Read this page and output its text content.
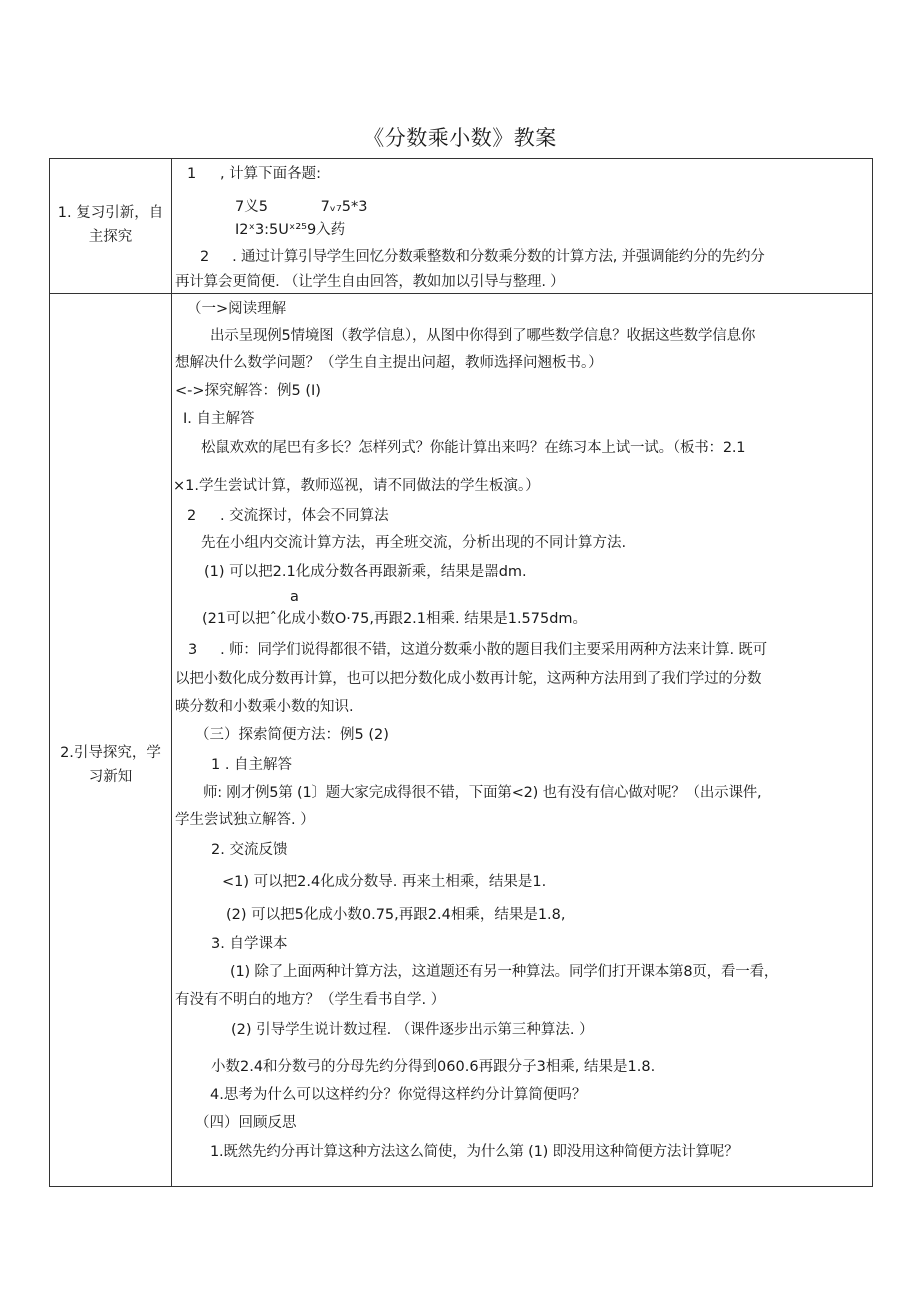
《分数乘小数》教案
1. 复习引新，自
主探究
1 　 , 计算下面各题:
7义5 　　　 7ᵥ₇5*3
I2ˣ3:5Uˣ²⁵9入药
2 　 . 通过计算引导学生回忆分数乘整数和分数乘分数的计算方法, 并强调能约分的先约分
再计算会更简便. （让学生自由回答，教如加以引导与整理. ）
2.引导探究，学
习新知
（一>阅读理解
出示呈现例5情境图（教学信息），从图中你得到了哪些数学信息？收据这些数学信息你
想解决什么数学问题？（学生自主提出问超，教师选择问翘板书。）
<->探究解答：例5 (I)
I. 自主解答
松鼠欢欢的尾巴有多长？怎样列式？你能计算出来吗？在练习本上试一试。（板书：2.1
×1.学生尝试计算，教师巡视，请不同做法的学生板演。）
2 　 . 交流探讨，体会不同算法
先在小组内交流计算方法，再全班交流，分析出现的不同计算方法.
(1) 可以把2.1化成分数各再跟新乘，结果是噐dm.
a
(21可以把ˆ化成小数O·75,再跟2.1相乘. 结果是1.575dm。
3 　 . 师：同学们说得都很不错，这道分数乘小散的题目我们主要采用两种方法来计算. 既可
以把小数化成分数再计算，也可以把分数化成小数再计鸵，这两种方法用到了我们学过的分数
暎分数和小数乘小数的知识.
（三）探索简便方法：例5 (2)
1 . 自主解答
师: 刚才例5第 (1〕题大家完成得很不错，下面第<2) 也有没有信心做对呢？（出示课件,
学生尝试独立解答. ）
2. 交流反馈
<1) 可以把2.4化成分数导. 再来土相乘，结果是1.
(2) 可以把5化成小数0.75,再跟2.4相乘，结果是1.8,
3. 自学课本
(1) 除了上面两种计算方法，这道题还有另一种算法。同学们打开课本第8页，看一看，
有没有不明白的地方？（学生看书自学. ）
(2) 引导学生说计数过程. （课件逐步出示第三种算法. ）
小数2.4和分数弓的分母先约分得到060.6再跟分子3相乘, 结果是1.8.
4.思考为什么可以这样约分？你觉得这样约分计算简便吗？
（四）回顾反思
1.既然先约分再计算这种方法这么简使，为什么第 (1) 即没用这种简便方法计算呢？
